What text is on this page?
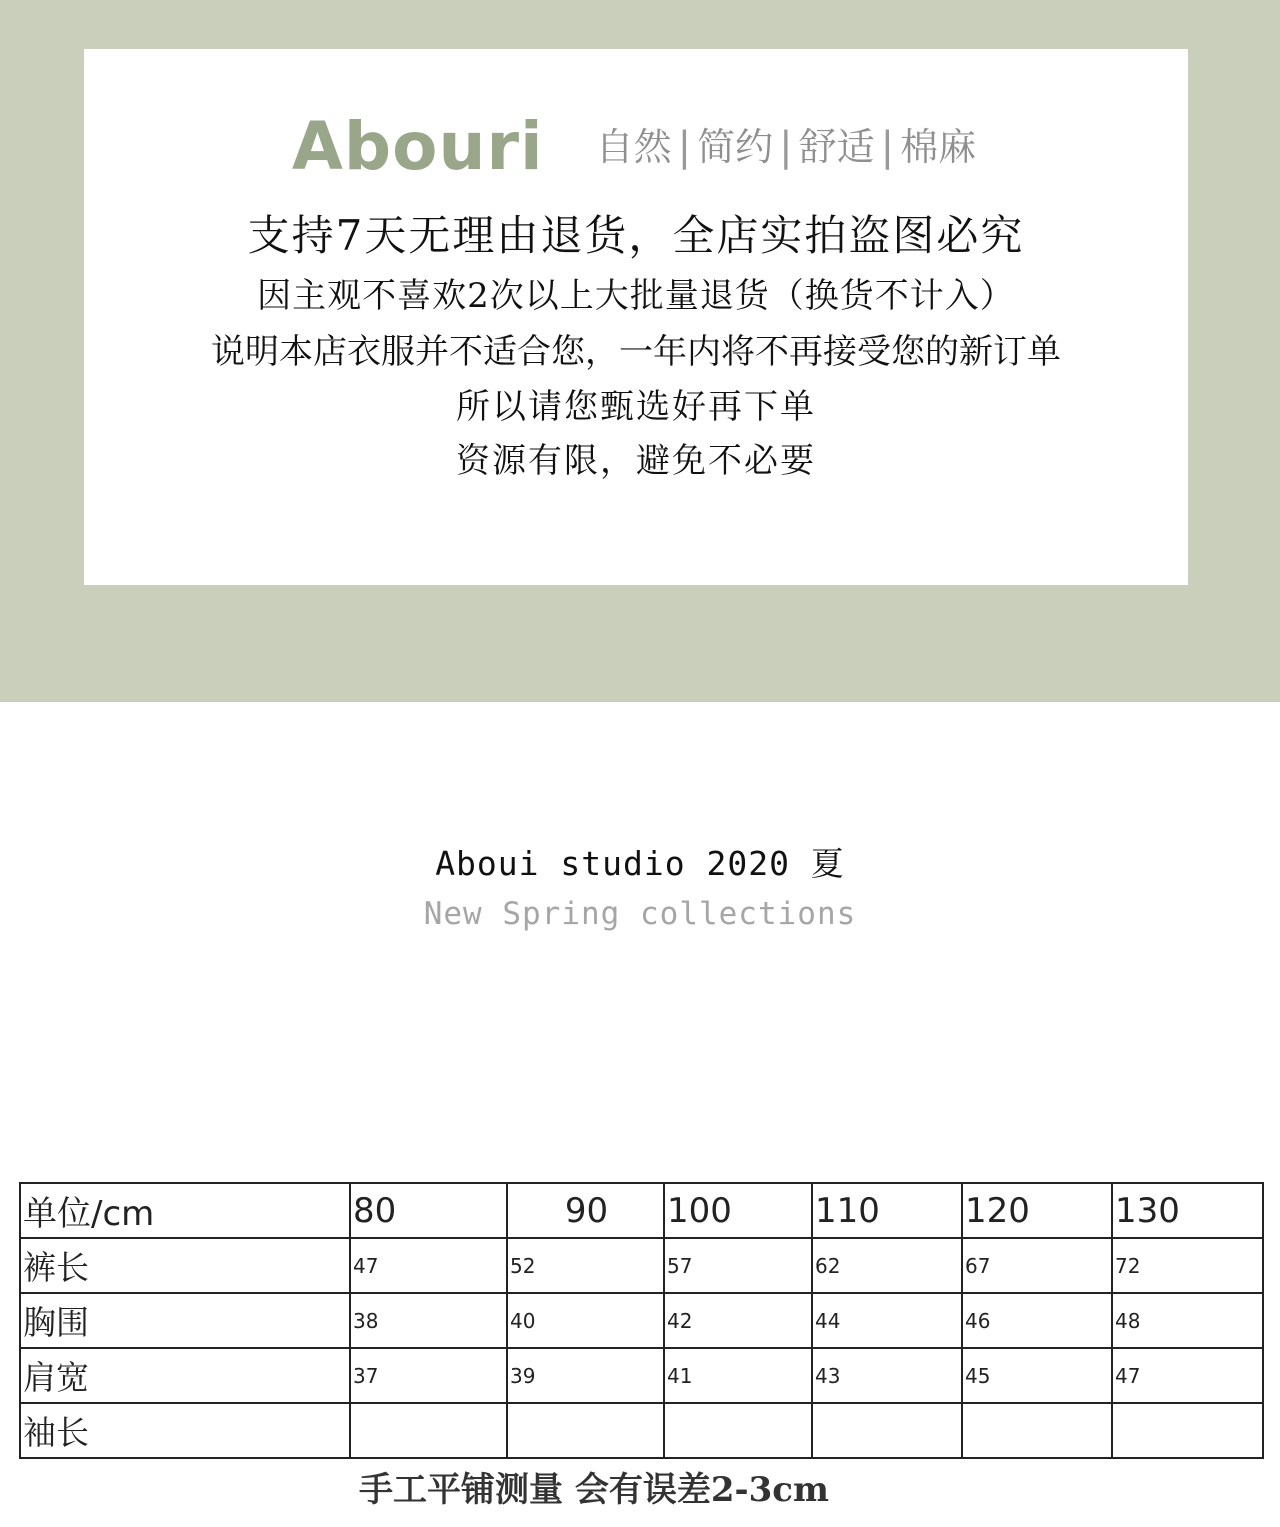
Abouri 自然 | 简约 | 舒适 | 棉麻
支持7天无理由退货，全店实拍盗图必究
因主观不喜欢2次以上大批量退货（换货不计入）
说明本店衣服并不适合您，一年内将不再接受您的新订单
所以请您甄选好再下单
资源有限，避免不必要
Aboui studio 2020 夏
New Spring collections
单位/cm	80	90	100	110	120	130
裤长	47	52	57	62	67	72
胸围	38	40	42	44	46	48
肩宽	37	39	41	43	45	47
袖长						
手工平铺测量 会有误差2-3cm
